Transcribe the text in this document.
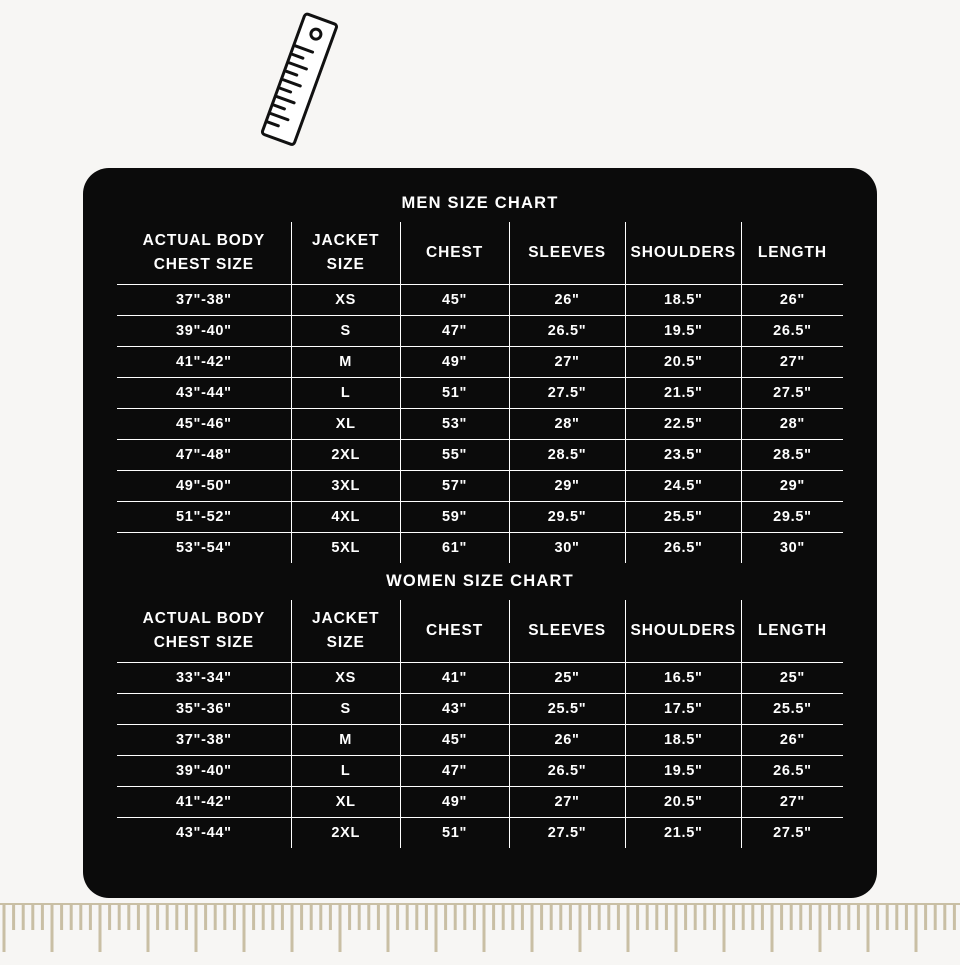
MEN SIZE CHART
ACTUAL BODY CHEST SIZE	JACKET SIZE	CHEST	SLEEVES	SHOULDERS	LENGTH
37"-38"	XS	45"	26"	18.5"	26"
39"-40"	S	47"	26.5"	19.5"	26.5"
41"-42"	M	49"	27"	20.5"	27"
43"-44"	L	51"	27.5"	21.5"	27.5"
45"-46"	XL	53"	28"	22.5"	28"
47"-48"	2XL	55"	28.5"	23.5"	28.5"
49"-50"	3XL	57"	29"	24.5"	29"
51"-52"	4XL	59"	29.5"	25.5"	29.5"
53"-54"	5XL	61"	30"	26.5"	30"
WOMEN SIZE CHART
ACTUAL BODY CHEST SIZE	JACKET SIZE	CHEST	SLEEVES	SHOULDERS	LENGTH
33"-34"	XS	41"	25"	16.5"	25"
35"-36"	S	43"	25.5"	17.5"	25.5"
37"-38"	M	45"	26"	18.5"	26"
39"-40"	L	47"	26.5"	19.5"	26.5"
41"-42"	XL	49"	27"	20.5"	27"
43"-44"	2XL	51"	27.5"	21.5"	27.5"
